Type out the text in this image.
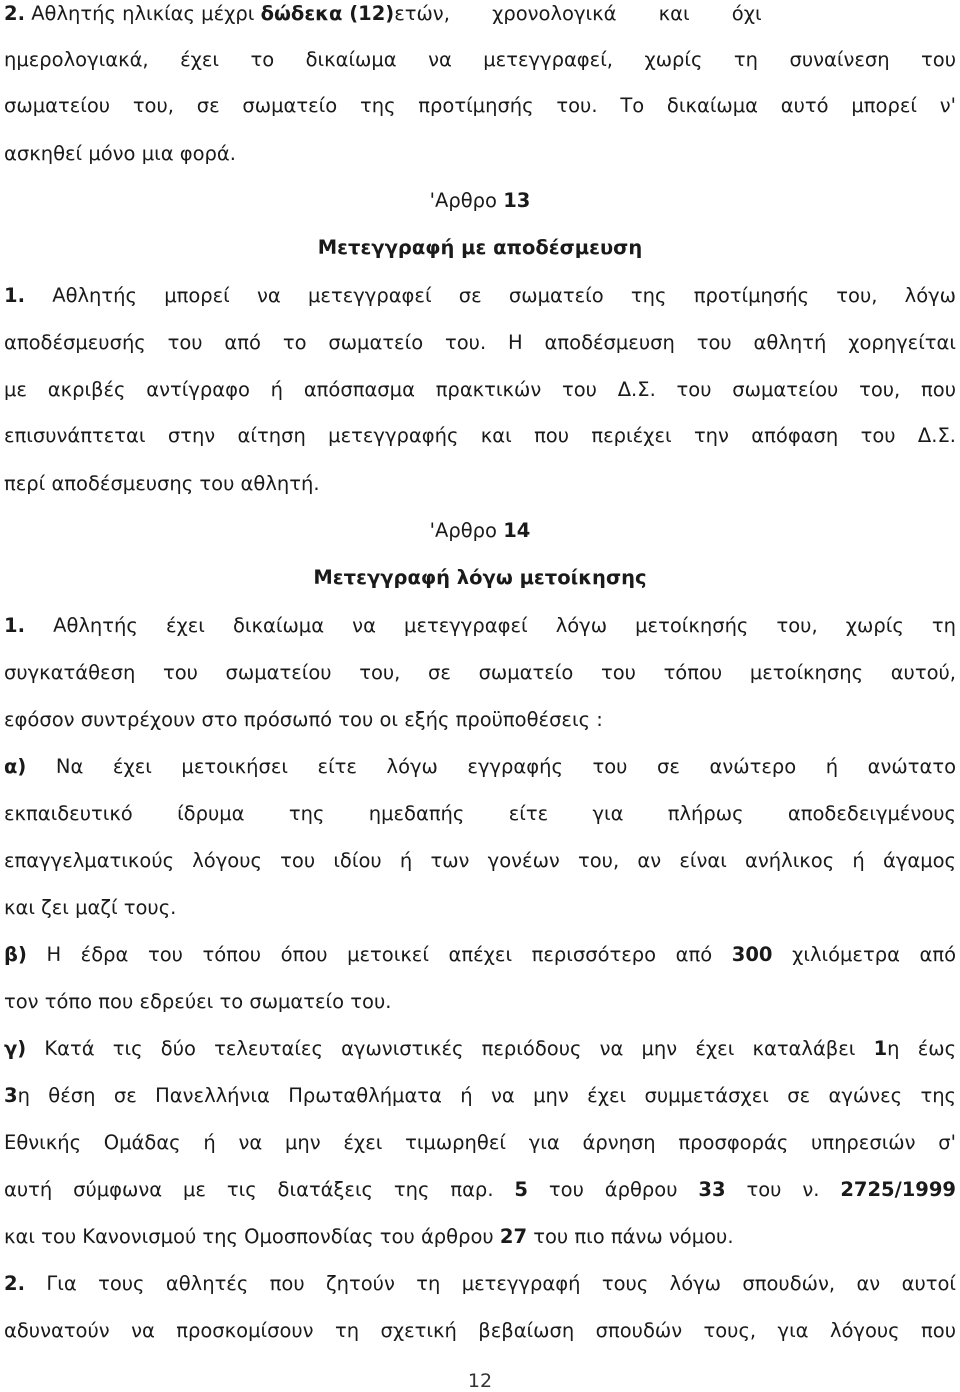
2. Αθλητής ηλικίας μέχρι δώδεκα (12)ετών, χρονολογικά και όχι
ημερολογιακά, έχει το δικαίωμα να μετεγγραφεί, χωρίς τη συναίνεση του
σωματείου του, σε σωματείο της προτίμησής του. Το δικαίωμα αυτό μπορεί ν'
ασκηθεί μόνο μια φορά.
'Αρθρο 13
Μετεγγραφή με αποδέσμευση
1. Αθλητής μπορεί να μετεγγραφεί σε σωματείο της προτίμησής του, λόγω
αποδέσμευσής του από το σωματείο του. Η αποδέσμευση του αθλητή χορηγείται
με ακριβές αντίγραφο ή απόσπασμα πρακτικών του Δ.Σ. του σωματείου του, που
επισυνάπτεται στην αίτηση μετεγγραφής και που περιέχει την απόφαση του Δ.Σ.
περί αποδέσμευσης του αθλητή.
'Αρθρο 14
Μετεγγραφή λόγω μετοίκησης
1. Αθλητής έχει δικαίωμα να μετεγγραφεί λόγω μετοίκησής του, χωρίς τη
συγκατάθεση του σωματείου του, σε σωματείο του τόπου μετοίκησης αυτού,
εφόσον συντρέχουν στο πρόσωπό του οι εξής προϋποθέσεις :
α) Να έχει μετοικήσει είτε λόγω εγγραφής του σε ανώτερο ή ανώτατο
εκπαιδευτικό ίδρυμα της ημεδαπής είτε για πλήρως αποδεδειγμένους
επαγγελματικούς λόγους του ιδίου ή των γονέων του, αν είναι ανήλικος ή άγαμος
και ζει μαζί τους.
β) Η έδρα του τόπου όπου μετοικεί απέχει περισσότερο από 300 χιλιόμετρα από
τον τόπο που εδρεύει το σωματείο του.
γ) Κατά τις δύο τελευταίες αγωνιστικές περιόδους να μην έχει καταλάβει 1η έως
3η θέση σε Πανελλήνια Πρωταθλήματα ή να μην έχει συμμετάσχει σε αγώνες της
Εθνικής Ομάδας ή να μην έχει τιμωρηθεί για άρνηση προσφοράς υπηρεσιών σ'
αυτή σύμφωνα με τις διατάξεις της παρ. 5 του άρθρου 33 του ν. 2725/1999
και του Κανονισμού της Ομοσπονδίας του άρθρου 27 του πιο πάνω νόμου.
2. Για τους αθλητές που ζητούν τη μετεγγραφή τους λόγω σπουδών, αν αυτοί
αδυνατούν να προσκομίσουν τη σχετική βεβαίωση σπουδών τους, για λόγους που
12
